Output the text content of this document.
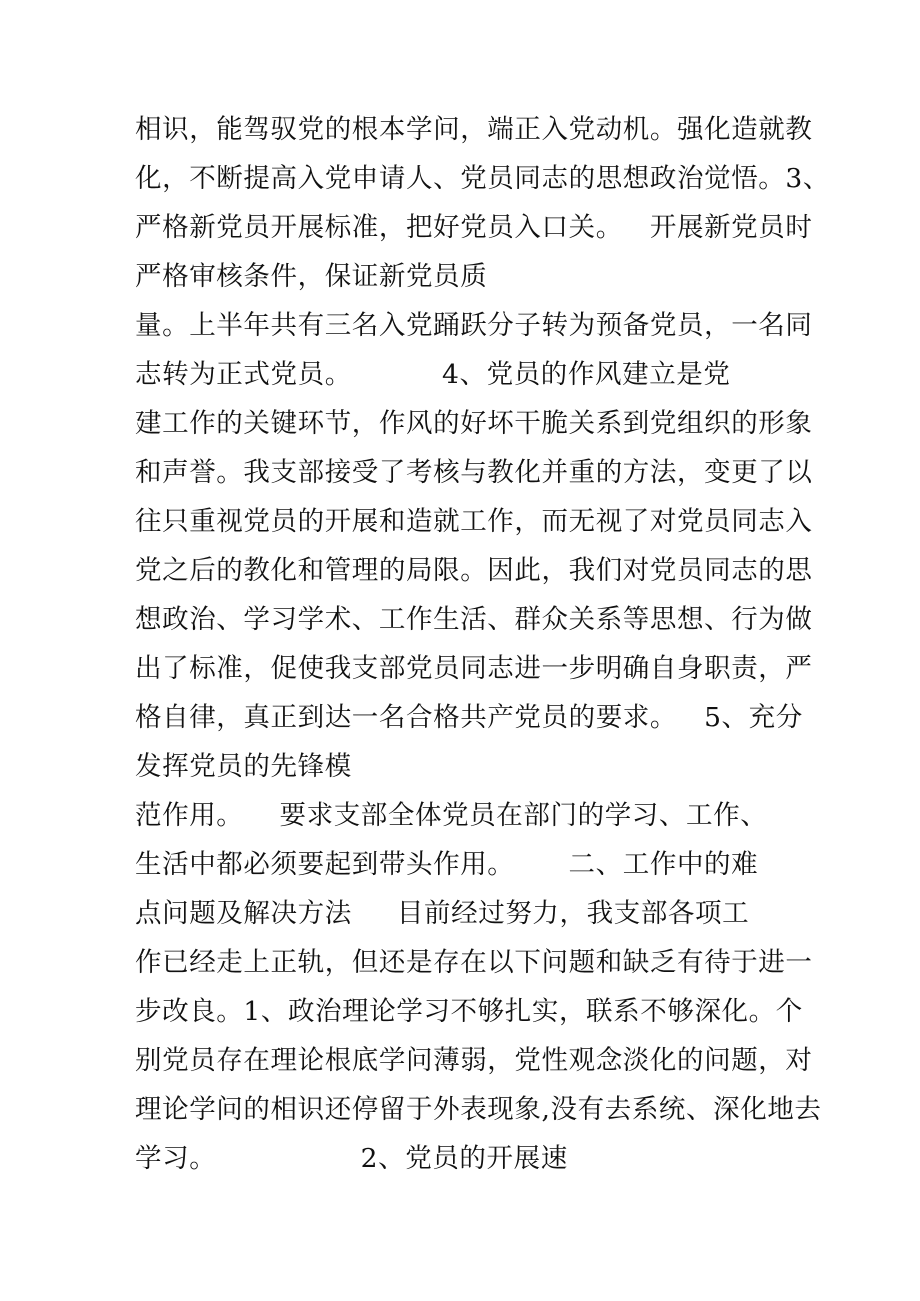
相识，能驾驭党的根本学问，端正入党动机。强化造就教
化，不断提高入党申请人、党员同志的思想政治觉悟。3、
严格新党员开展标准，把好党员入口关。   开展新党员时
严格审核条件，保证新党员质
量。上半年共有三名入党踊跃分子转为预备党员，一名同
志转为正式党员。          4、党员的作风建立是党
建工作的关键环节，作风的好坏干脆关系到党组织的形象
和声誉。我支部接受了考核与教化并重的方法，变更了以
往只重视党员的开展和造就工作，而无视了对党员同志入
党之后的教化和管理的局限。因此，我们对党员同志的思
想政治、学习学术、工作生活、群众关系等思想、行为做
出了标准，促使我支部党员同志进一步明确自身职责，严
格自律，真正到达一名合格共产党员的要求。   5、充分
发挥党员的先锋模
范作用。    要求支部全体党员在部门的学习、工作、
生活中都必须要起到带头作用。      二、工作中的难
点问题及解决方法     目前经过努力，我支部各项工
作已经走上正轨，但还是存在以下问题和缺乏有待于进一
步改良。1、政治理论学习不够扎实，联系不够深化。个
别党员存在理论根底学问薄弱，党性观念淡化的问题，对
理论学问的相识还停留于外表现象,没有去系统、深化地去
学习。                2、党员的开展速
